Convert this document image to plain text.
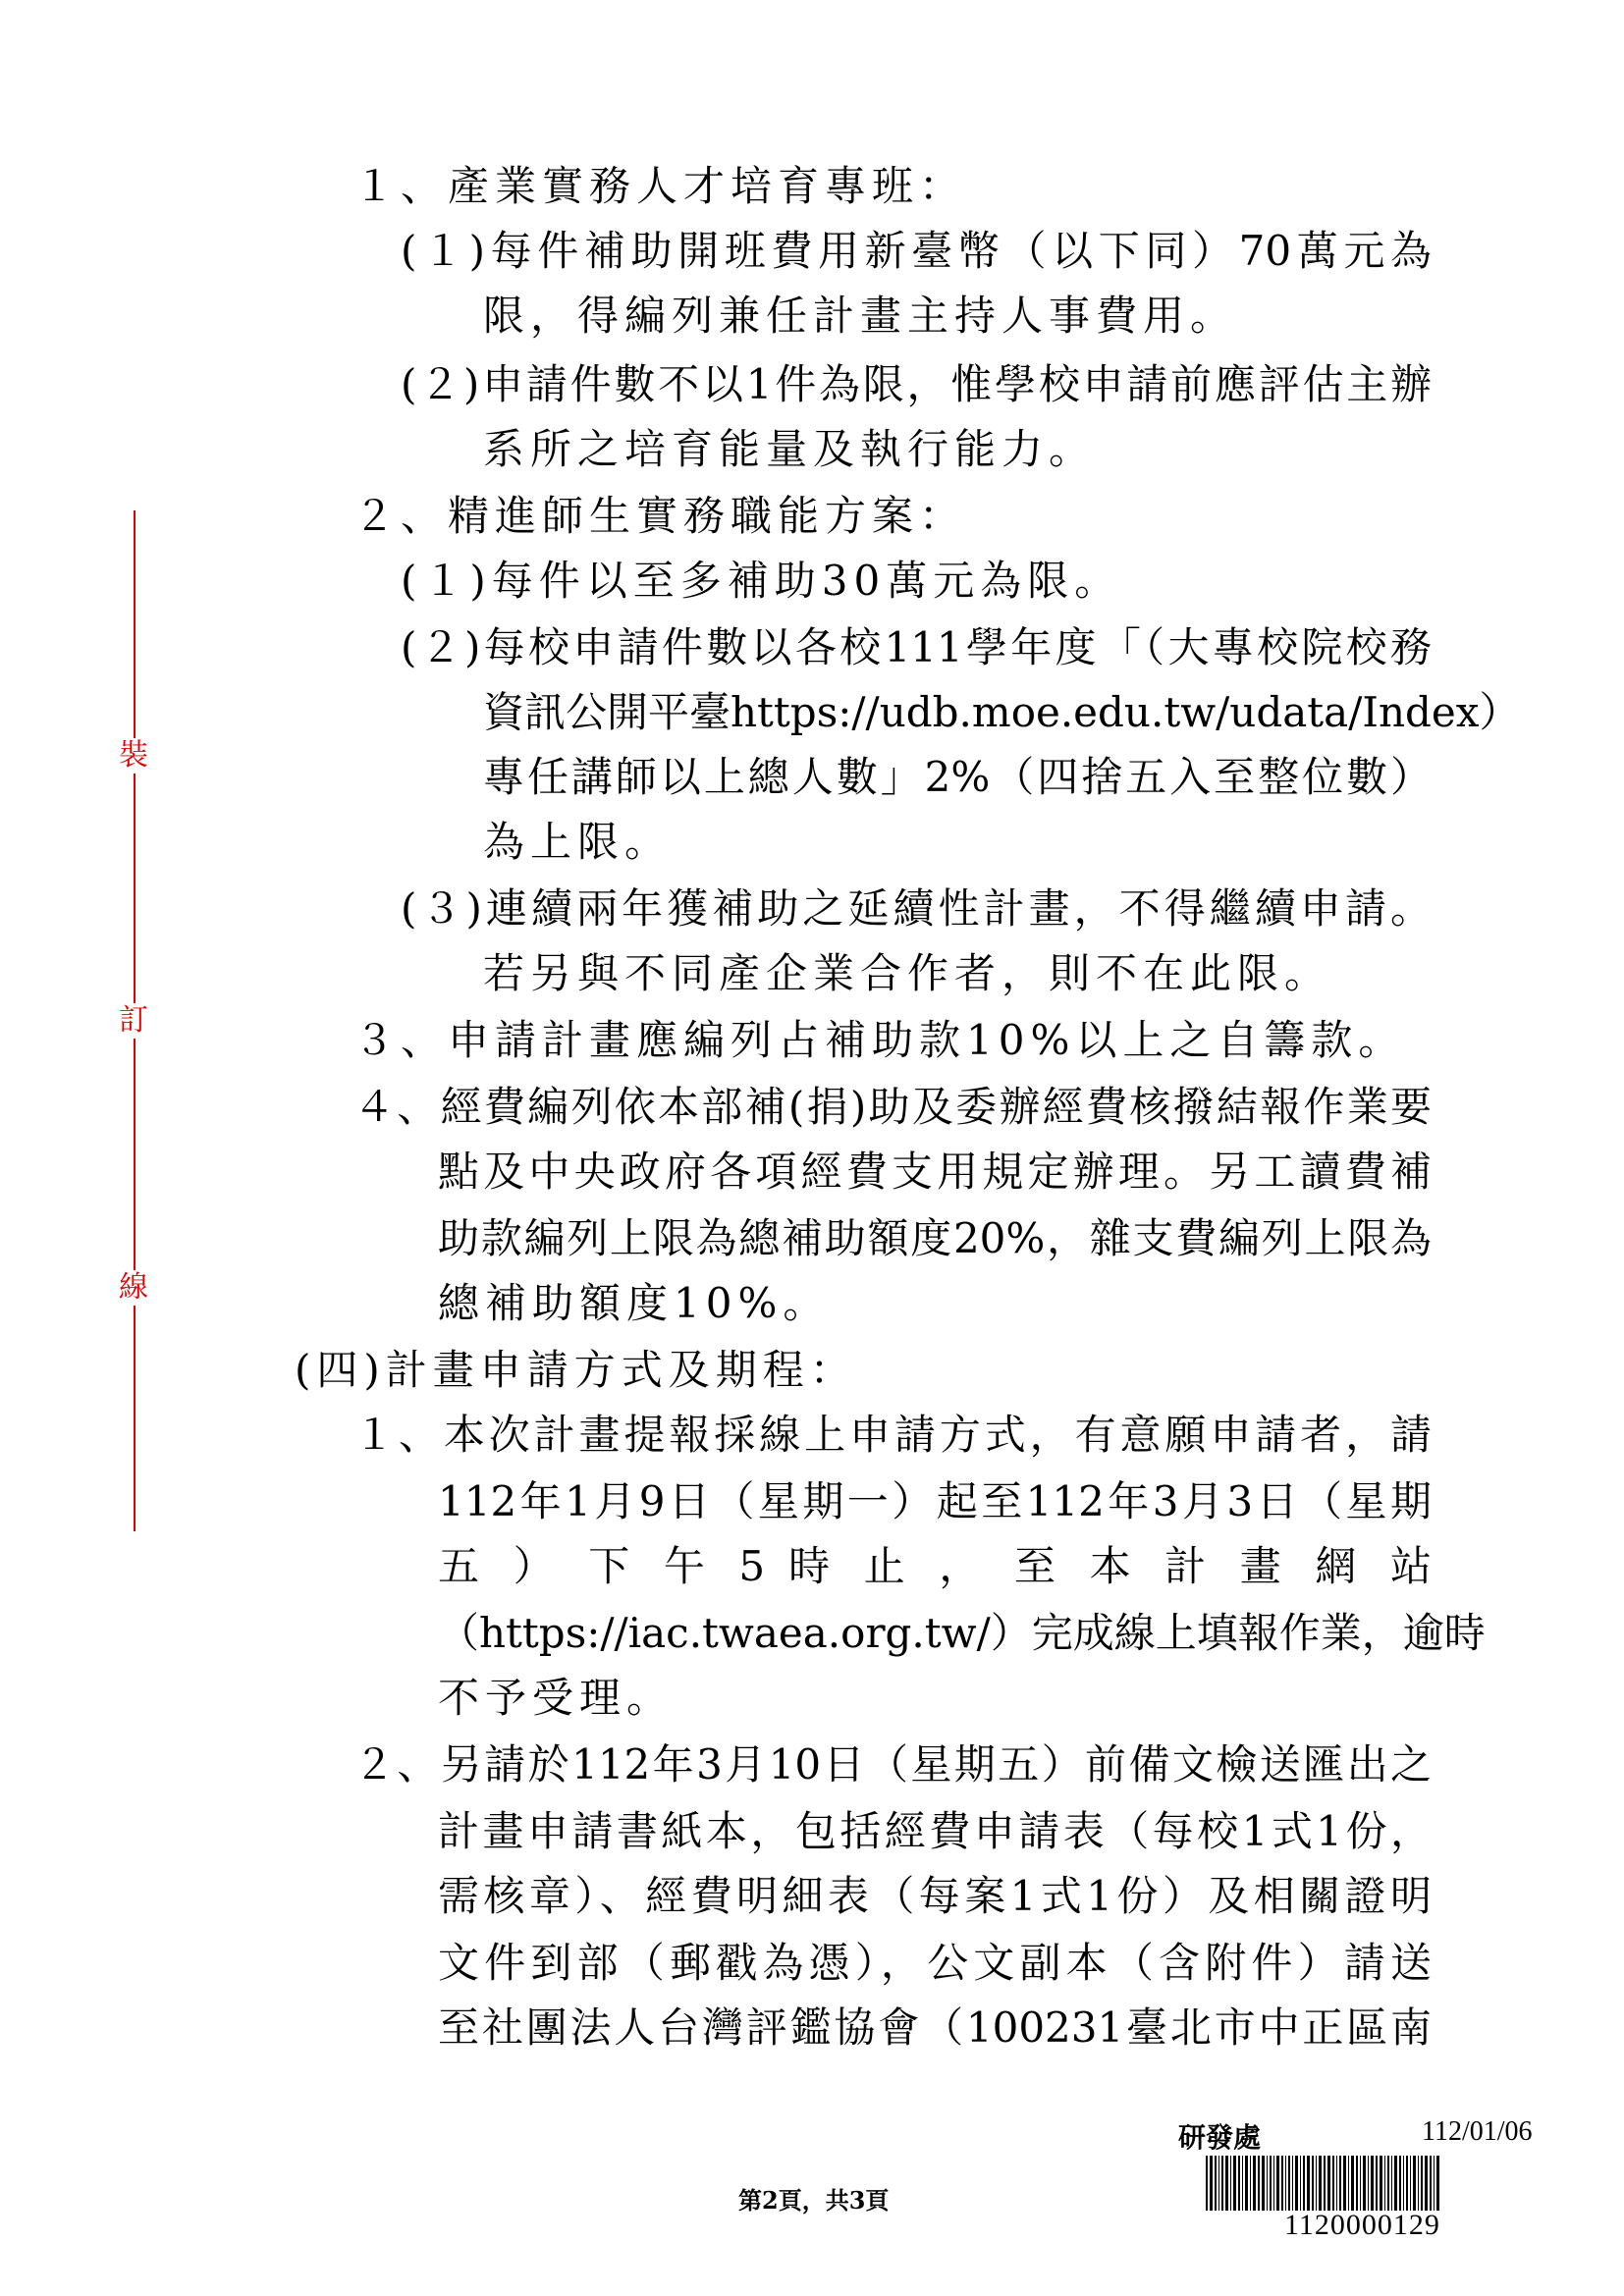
裝
訂
線
１、產業實務人才培育專班：
(１)每件補助開班費用新臺幣（以下同）70萬元為
限，得編列兼任計畫主持人事費用。
(２)申請件數不以1件為限，惟學校申請前應評估主辦
系所之培育能量及執行能力。
２、精進師生實務職能方案：
(１)每件以至多補助30萬元為限。
(２)每校申請件數以各校111學年度「（大專校院校務
資訊公開平臺https://udb.moe.edu.tw/udata/Index）
專任講師以上總人數」2%（四捨五入至整位數）
為上限。
(３)連續兩年獲補助之延續性計畫，不得繼續申請。
若另與不同產企業合作者，則不在此限。
３、申請計畫應編列占補助款10%以上之自籌款。
４、經費編列依本部補(捐)助及委辦經費核撥結報作業要
點及中央政府各項經費支用規定辦理。另工讀費補
助款編列上限為總補助額度20%，雜支費編列上限為
總補助額度10%。
(四)計畫申請方式及期程：
１、本次計畫提報採線上申請方式，有意願申請者，請
112年1月9日（星期一）起至112年3月3日（星期
五 ） 下 午 5 時 止 ， 至 本 計 畫 網 站
（https://iac.twaea.org.tw/）完成線上填報作業，逾時
不予受理。
２、另請於112年3月10日（星期五）前備文檢送匯出之
計畫申請書紙本，包括經費申請表（每校1式1份，
需核章）、經費明細表（每案1式1份）及相關證明
文件到部（郵戳為憑），公文副本（含附件）請送
至社團法人台灣評鑑協會（100231臺北市中正區南
第2頁，共3頁
研發處	112/01/06
1120000129
